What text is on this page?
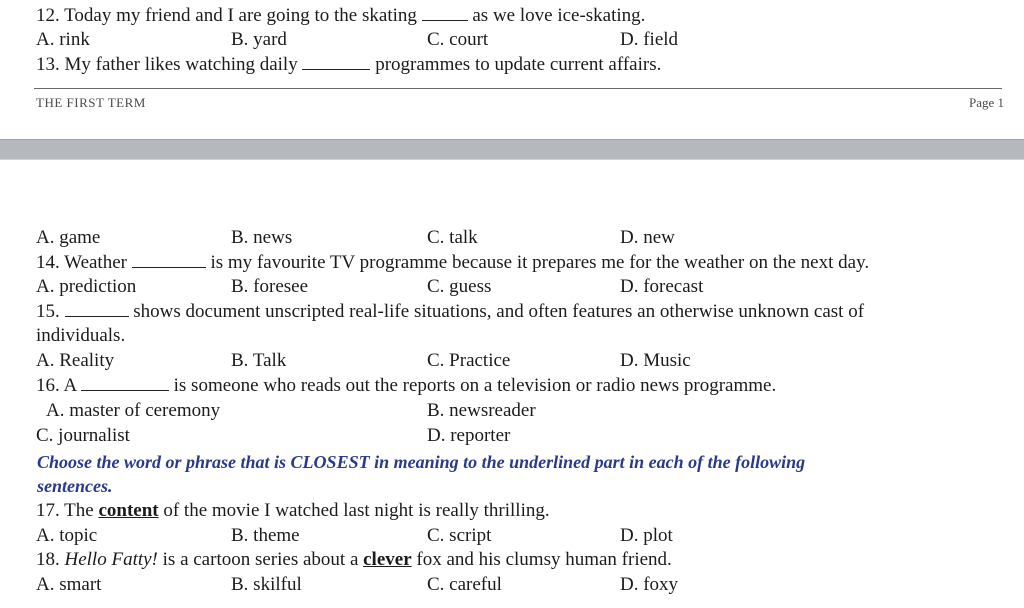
12. Today my friend and I are going to the skating	as we love ice-skating.
A. rink	B. yard	C. court	D. field
13. My father likes watching daily	programmes to update current affairs.
THE FIRST TERM	Page 1
A. game	B. news	C. talk	D. new
14. Weather	is my favourite TV programme because it prepares me for the weather on the next day.
A. prediction	B. foresee	C. guess	D. forecast
15.	shows document unscripted real-life situations, and often features an otherwise unknown cast of
individuals.
A. Reality	B. Talk	C. Practice	D. Music
16. A	is someone who reads out the reports on a television or radio news programme.
A. master of ceremony	B. newsreader
C. journalist	D. reporter
Choose the word or phrase that is CLOSEST in meaning to the underlined part in each of the following
sentences.
17. The content of the movie I watched last night is really thrilling.
A. topic	B. theme	C. script	D. plot
18. Hello Fatty! is a cartoon series about a clever fox and his clumsy human friend.
A. smart	B. skilful	C. careful	D. foxy
